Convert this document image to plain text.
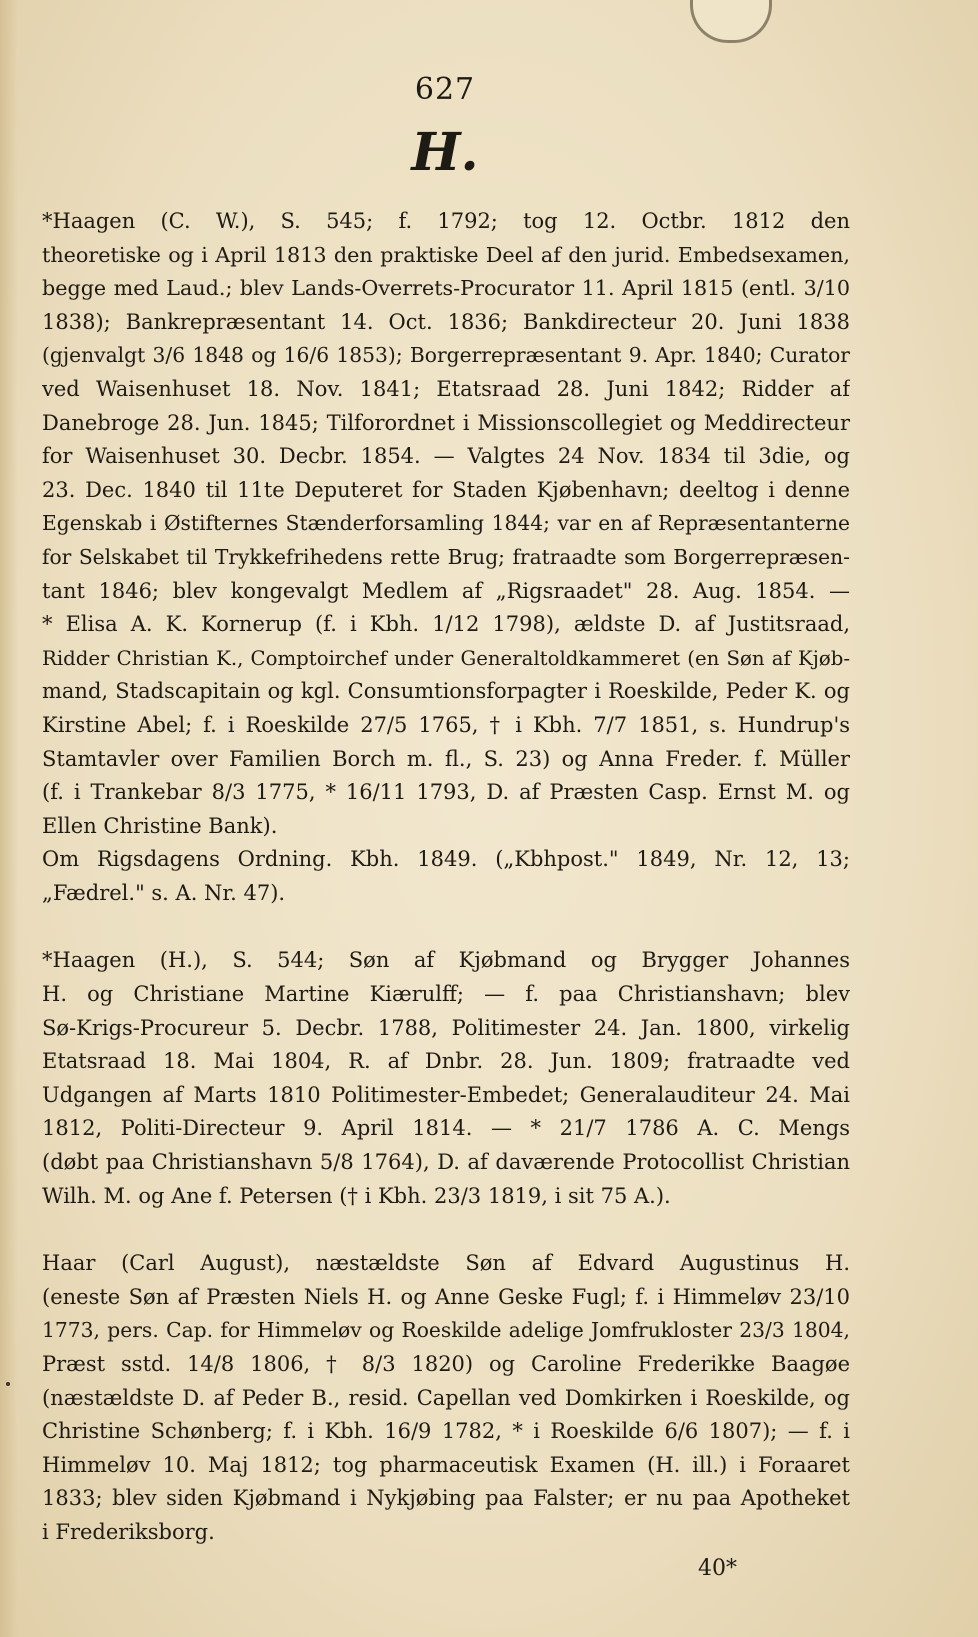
627
H.
*Haagen (C. W.), S. 545; f. 1792; tog 12. Octbr. 1812 den
theoretiske og i April 1813 den praktiske Deel af den jurid. Embedsexamen,
begge med Laud.; blev Lands-Overrets-Procurator 11. April 1815 (entl. 3/10
1838); Bankrepræsentant 14. Oct. 1836; Bankdirecteur 20. Juni 1838
(gjenvalgt 3/6 1848 og 16/6 1853); Borgerrepræsentant 9. Apr. 1840; Curator
ved Waisenhuset 18. Nov. 1841; Etatsraad 28. Juni 1842; Ridder af
Danebroge 28. Jun. 1845; Tilforordnet i Missionscollegiet og Meddirecteur
for Waisenhuset 30. Decbr. 1854. — Valgtes 24 Nov. 1834 til 3die, og
23. Dec. 1840 til 11te Deputeret for Staden Kjøbenhavn; deeltog i denne
Egenskab i Østifternes Stænderforsamling 1844; var en af Repræsentanterne
for Selskabet til Trykkefrihedens rette Brug; fratraadte som Borgerrepræsen-
tant 1846; blev kongevalgt Medlem af „Rigsraadet" 28. Aug. 1854. —
* Elisa A. K. Kornerup (f. i Kbh. 1/12 1798), ældste D. af Justitsraad,
Ridder Christian K., Comptoirchef under Generaltoldkammeret (en Søn af Kjøb-
mand, Stadscapitain og kgl. Consumtionsforpagter i Roeskilde, Peder K. og
Kirstine Abel; f. i Roeskilde 27/5 1765, † i Kbh. 7/7 1851, s. Hundrup's
Stamtavler over Familien Borch m. fl., S. 23) og Anna Freder. f. Müller
(f. i Trankebar 8/3 1775, * 16/11 1793, D. af Præsten Casp. Ernst M. og
Ellen Christine Bank).
Om Rigsdagens Ordning. Kbh. 1849. („Kbhpost." 1849, Nr. 12, 13;
„Fædrel." s. A. Nr. 47).
*Haagen (H.), S. 544; Søn af Kjøbmand og Brygger Johannes
H. og Christiane Martine Kiærulff; — f. paa Christianshavn; blev
Sø-Krigs-Procureur 5. Decbr. 1788, Politimester 24. Jan. 1800, virkelig
Etatsraad 18. Mai 1804, R. af Dnbr. 28. Jun. 1809; fratraadte ved
Udgangen af Marts 1810 Politimester-Embedet; Generalauditeur 24. Mai
1812, Politi-Directeur 9. April 1814. — * 21/7 1786 A. C. Mengs
(døbt paa Christianshavn 5/8 1764), D. af daværende Protocollist Christian
Wilh. M. og Ane f. Petersen († i Kbh. 23/3 1819, i sit 75 A.).
Haar (Carl August), næstældste Søn af Edvard Augustinus H.
(eneste Søn af Præsten Niels H. og Anne Geske Fugl; f. i Himmeløv 23/10
1773, pers. Cap. for Himmeløv og Roeskilde adelige Jomfrukloster 23/3 1804,
Præst sstd. 14/8 1806, † 8/3 1820) og Caroline Frederikke Baagøe
(næstældste D. af Peder B., resid. Capellan ved Domkirken i Roeskilde, og
Christine Schønberg; f. i Kbh. 16/9 1782, * i Roeskilde 6/6 1807); — f. i
Himmeløv 10. Maj 1812; tog pharmaceutisk Examen (H. ill.) i Foraaret
1833; blev siden Kjøbmand i Nykjøbing paa Falster; er nu paa Apotheket
i Frederiksborg.
40*
